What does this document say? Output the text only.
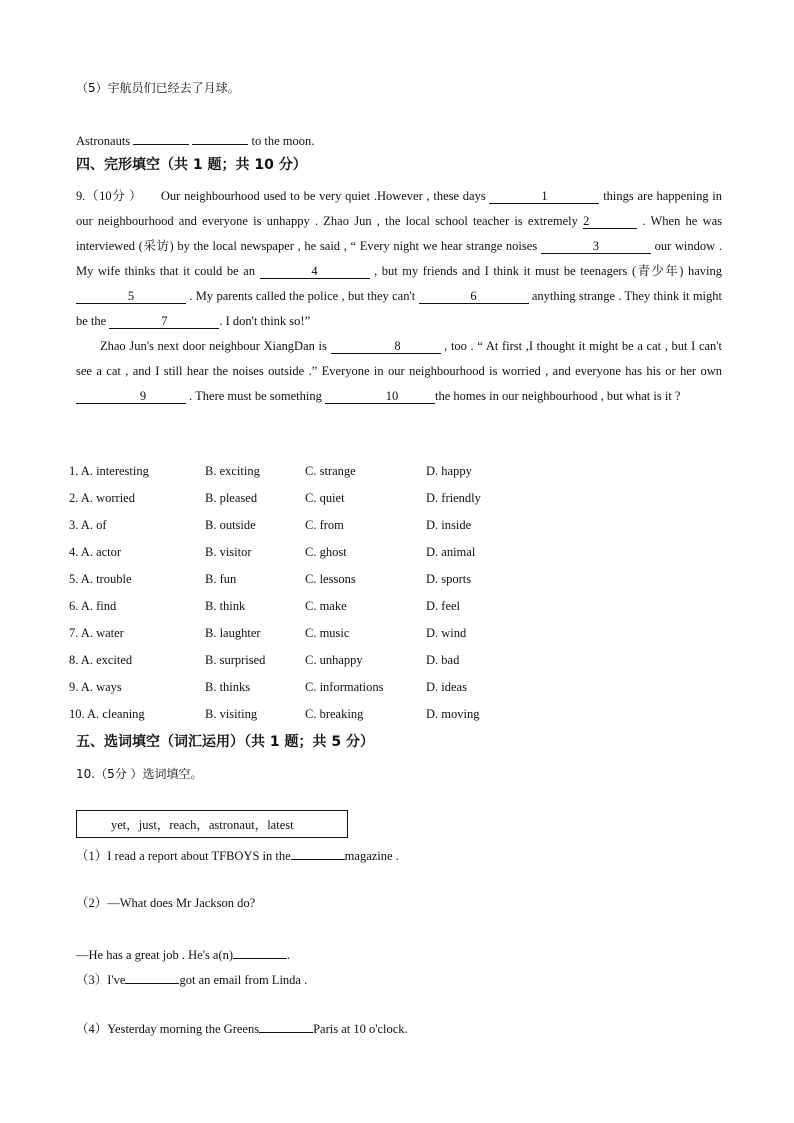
（5）宇航员们已经去了月球。
Astronauts	to the moon.
四、完形填空（共 1 题；共 10 分）
9.（10分 ） Our neighbourhood used to be very quiet .However , these days	1	things are happening in our neighbourhood and everyone is unhappy . Zhao Jun , the local school teacher is extremely 2	. When he was interviewed (采访) by the local newspaper , he said , “ Every night we hear strange noises	3	our window . My wife thinks that it could be an	4	, but my friends and I think it must be teenagers (青少年) having 5	. My parents called the police , but they can't	6	anything strange . They think it might be the	7	. I don't think so!”
Zhao Jun's next door neighbour XiangDan is	8	, too . “ At first ,I thought it might be a cat , but I can't see a cat , and I still hear the noises outside .” Everyone in our neighbourhood is worried , and everyone has his or her own 9	. There must be something	10	the homes in our neighbourhood , but what is it ?
1. A. interesting	B. exciting	C. strange	D. happy
2. A. worried	B. pleased	C. quiet	D. friendly
3. A. of	B. outside	C. from	D. inside
4. A. actor	B. visitor	C. ghost	D. animal
5. A. trouble	B. fun	C. lessons	D. sports
6. A. find	B. think	C. make	D. feel
7. A. water	B. laughter	C. music	D. wind
8. A. excited	B. surprised	C. unhappy	D. bad
9. A. ways	B. thinks	C. informations	D. ideas
10. A. cleaning	B. visiting	C. breaking	D. moving
五、选词填空（词汇运用）（共 1 题；共 5 分）
10.（5分 ）选词填空。
yet，just，reach，astronaut，latest
（1）I read a report about TFBOYS in the	magazine .
（2）—What does Mr Jackson do?
—He has a great job . He's a(n)	.
（3）I've	got an email from Linda .
（4）Yesterday morning the Greens	Paris at 10 o'clock.
